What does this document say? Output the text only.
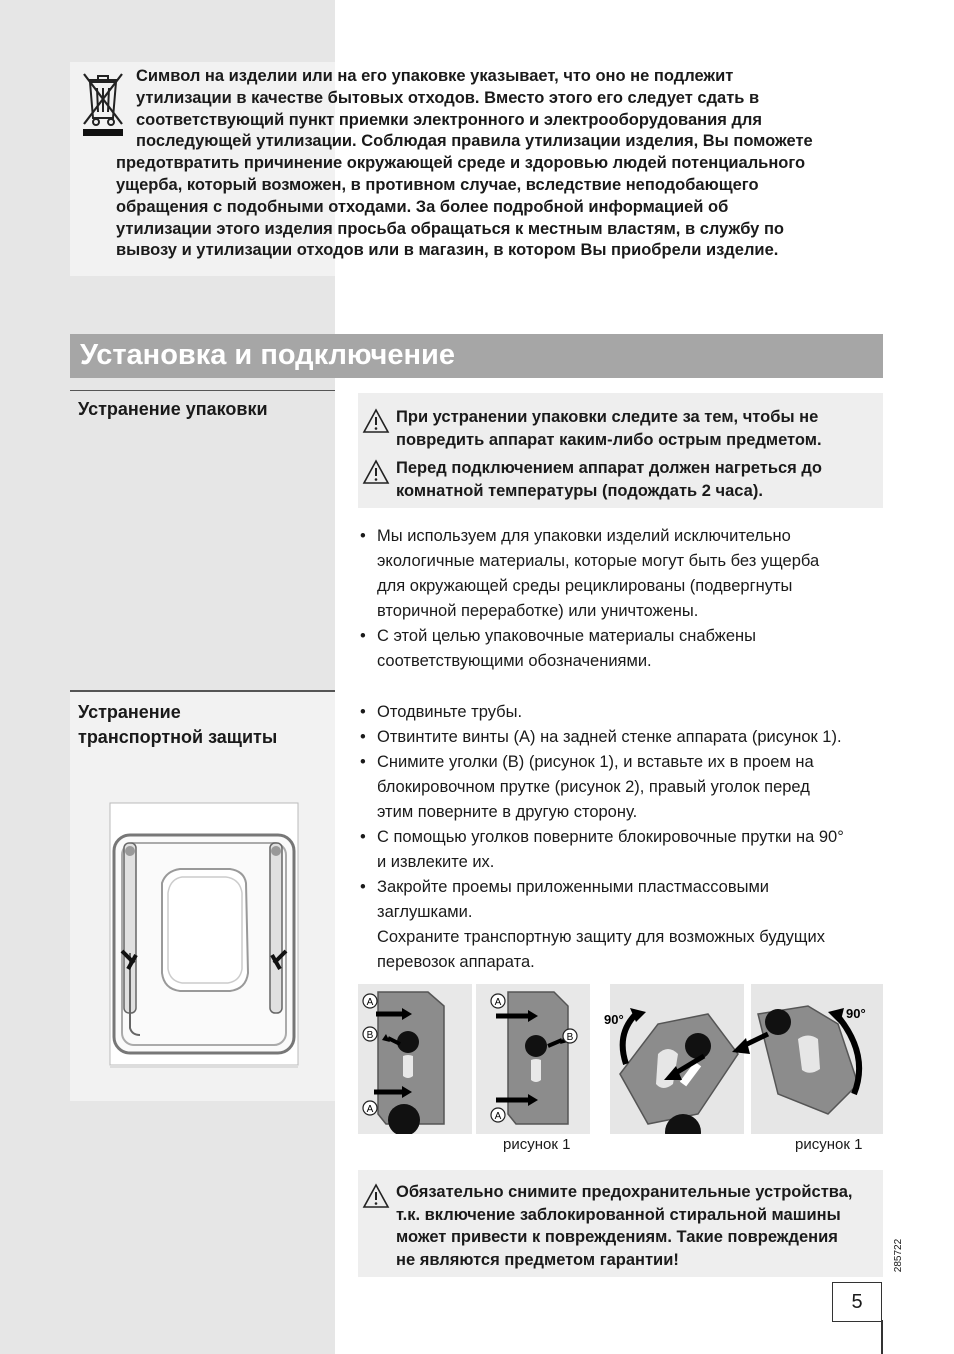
Символ на изделии или на его упаковке указывает, что оно не подлежит
утилизации в качестве бытовых отходов. Вместо этого его следует сдать в
соответствующий пункт приемки электронного и электрооборудования для
последующей утилизации. Соблюдая правила утилизации изделия, Вы поможете
предотвратить причинение окружающей среде и здоровью людей потенциального
ущерба, который возможен, в противном случае, вследствие неподобающего
обращения с подобными отходами. За более подробной информацией об
утилизации этого изделия просьба обращаться к местным властям, в службу по
вывозу и утилизации отходов или в магазин, в котором Вы приобрели изделие.
Установка и подключение
Устранение упаковки	При устранении упаковки следите за тем, чтобы не
повредить аппарат каким-либо острым предметом.
Перед подключением аппарат должен нагреться до
комнатной температуры (подождать 2 часа).
• Мы используем для упаковки изделий исключительно
экологичные материалы, которые могут быть без ущерба
для окружающей среды рециклированы (подвергнуты
вторичной переработке) или уничтожены.
• С этой целью упаковочные материалы снабжены
соответствующими обозначениями.
Устранение
транспортной защиты
• Отодвиньте трубы.
• Отвинтите винты (A) на задней стенке аппарата (рисунок 1).
• Снимите уголки (B) (рисунок 1), и вставьте их в проем на
блокировочном прутке (рисунок 2), правый уголок перед
этим поверните в другую сторону.
• С помощью уголков поверните блокировочные прутки на 90°
и извлеките их.
• Закройте проемы приложенными пластмассовыми
заглушками.
Сохраните транспортную защиту для возможных будущих
перевозок аппарата.
A
B
A
A
B
A
90°	90°
рисунок 1	рисунок 1
Обязательно снимите предохранительные устройства,
т.к. включение заблокированной стиральной машины
может привести к повреждениям. Такие повреждения
не являются предметом гарантии!	285722
5
